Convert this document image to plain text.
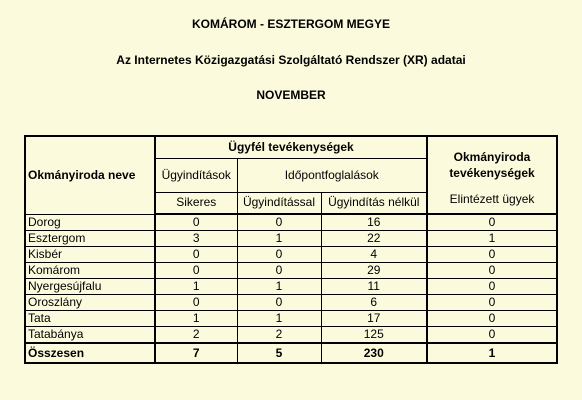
KOMÁROM - ESZTERGOM MEGYE
Az Internetes Közigazgatási Szolgáltató Rendszer (XR) adatai
NOVEMBER
Okmányiroda neve	Ügyfél tevékenységek			Okmányiroda tevékenységek
	Ügyindítások	Időpontfoglalások		
	Sikeres	Ügyindítással	Ügyindítás nélkül	Elintézett ügyek
Dorog	0	0	16	0
Esztergom	3	1	22	1
Kisbér	0	0	4	0
Komárom	0	0	29	0
Nyergesújfalu	1	1	11	0
Oroszlány	0	0	6	0
Tata	1	1	17	0
Tatabánya	2	2	125	0
Összesen	7	5	230	1
